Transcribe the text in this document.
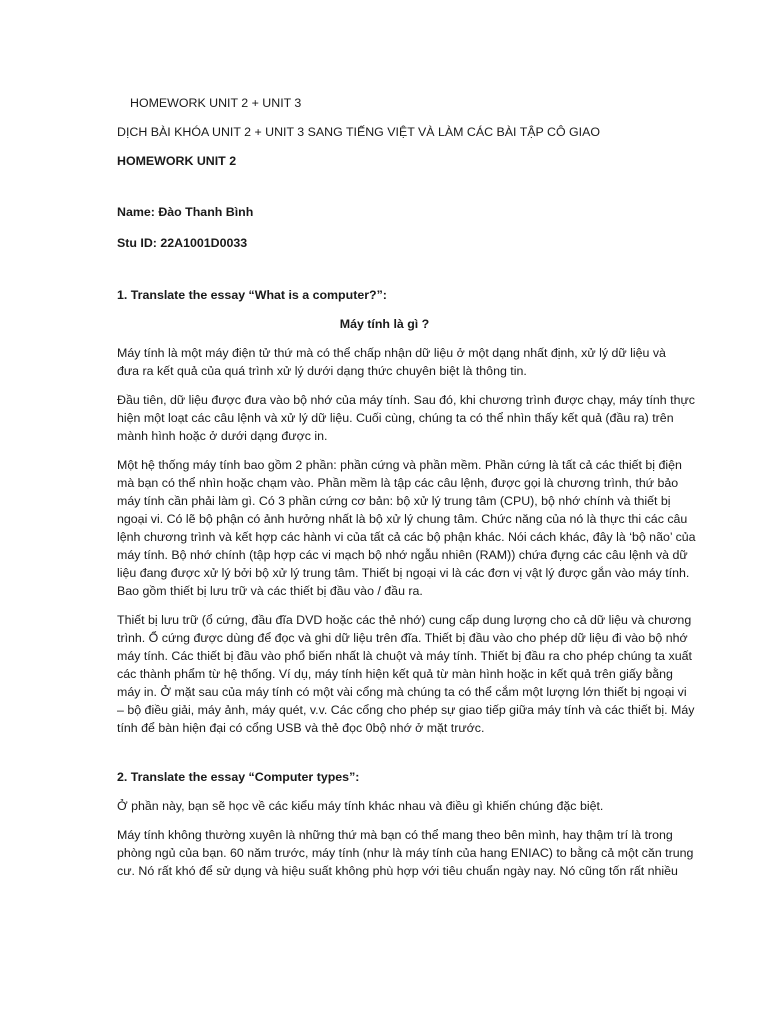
HOMEWORK UNIT 2 + UNIT 3

DỊCH BÀI KHÓA UNIT 2 + UNIT 3 SANG TIẾNG VIỆT VÀ LÀM CÁC BÀI TẬP CÔ GIAO

HOMEWORK UNIT 2

Name: Đào Thanh Bình

Stu ID: 22A1001D0033

1. Translate the essay “What is a computer?”:

Máy tính là gì ?

Máy tính là một máy điện tử thứ mà có thể chấp nhận dữ liệu ở một dạng nhất định, xử lý dữ liệu và
đưa ra kết quả của quá trình xử lý dưới dạng thức chuyên biệt là thông tin.
Đầu tiên, dữ liệu được đưa vào bộ nhớ của máy tính. Sau đó, khi chương trình được chạy, máy tính thực
hiện một loạt các câu lệnh và xử lý dữ liệu. Cuối cùng, chúng ta có thể nhìn thấy kết quả (đầu ra) trên
mành hình hoặc ở dưới dạng được in.
Một hệ thống máy tính bao gồm 2 phần: phần cứng và phần mềm. Phần cứng là tất cả các thiết bị điện
mà bạn có thể nhìn hoặc chạm vào. Phần mềm là tập các câu lệnh, được gọi là chương trình, thứ bảo
máy tính cần phải làm gì. Có 3 phần cứng cơ bản: bộ xử lý trung tâm (CPU), bộ nhớ chính và thiết bị
ngoại vi. Có lẽ bộ phận có ảnh hưởng nhất là bộ xử lý chung tâm. Chức năng của nó là thực thi các câu
lệnh chương trình và kết hợp các hành vi của tất cả các bộ phận khác. Nói cách khác, đây là ‘bộ não’ của
máy tính. Bộ nhớ chính (tập hợp các vi mạch bộ nhớ ngẫu nhiên (RAM)) chứa đựng các câu lệnh và dữ
liệu đang được xử lý bởi bộ xử lý trung tâm. Thiết bị ngoại vi là các đơn vị vật lý được gắn vào máy tính.
Bao gồm thiết bị lưu trữ và các thiết bị đầu vào / đầu ra.
Thiết bị lưu trữ (ổ cứng, đầu đĩa DVD hoặc các thẻ nhớ) cung cấp dung lượng cho cả dữ liệu và chương
trình. Ổ cứng được dùng để đọc và ghi dữ liệu trên đĩa. Thiết bị đầu vào cho phép dữ liệu đi vào bộ nhớ
máy tính. Các thiết bị đầu vào phổ biến nhất là chuột và máy tính. Thiết bị đầu ra cho phép chúng ta xuất
các thành phẩm từ hệ thống. Ví dụ, máy tính hiện kết quả từ màn hình hoặc in kết quả trên giấy bằng
máy in. Ở mặt sau của máy tính có một vài cổng mà chúng ta có thể cắm một lượng lớn thiết bị ngoại vi
– bộ điều giải, máy ảnh, máy quét, v.v. Các cổng cho phép sự giao tiếp giữa máy tính và các thiết bị. Máy
tính để bàn hiện đại có cổng USB và thẻ đọc 0bộ nhớ ở mặt trước.

2. Translate the essay “Computer types”:

Ở phần này, bạn sẽ học về các kiểu máy tính khác nhau và điều gì khiến chúng đặc biệt.
Máy tính không thường xuyên là những thứ mà bạn có thể mang theo bên mình, hay thậm trí là trong
phòng ngủ của bạn. 60 năm trước, máy tính (như là máy tính của hang ENIAC) to bằng cả một căn trung
cư. Nó rất khó để sử dụng và hiệu suất không phù hợp với tiêu chuẩn ngày nay. Nó cũng tốn rất nhiều
